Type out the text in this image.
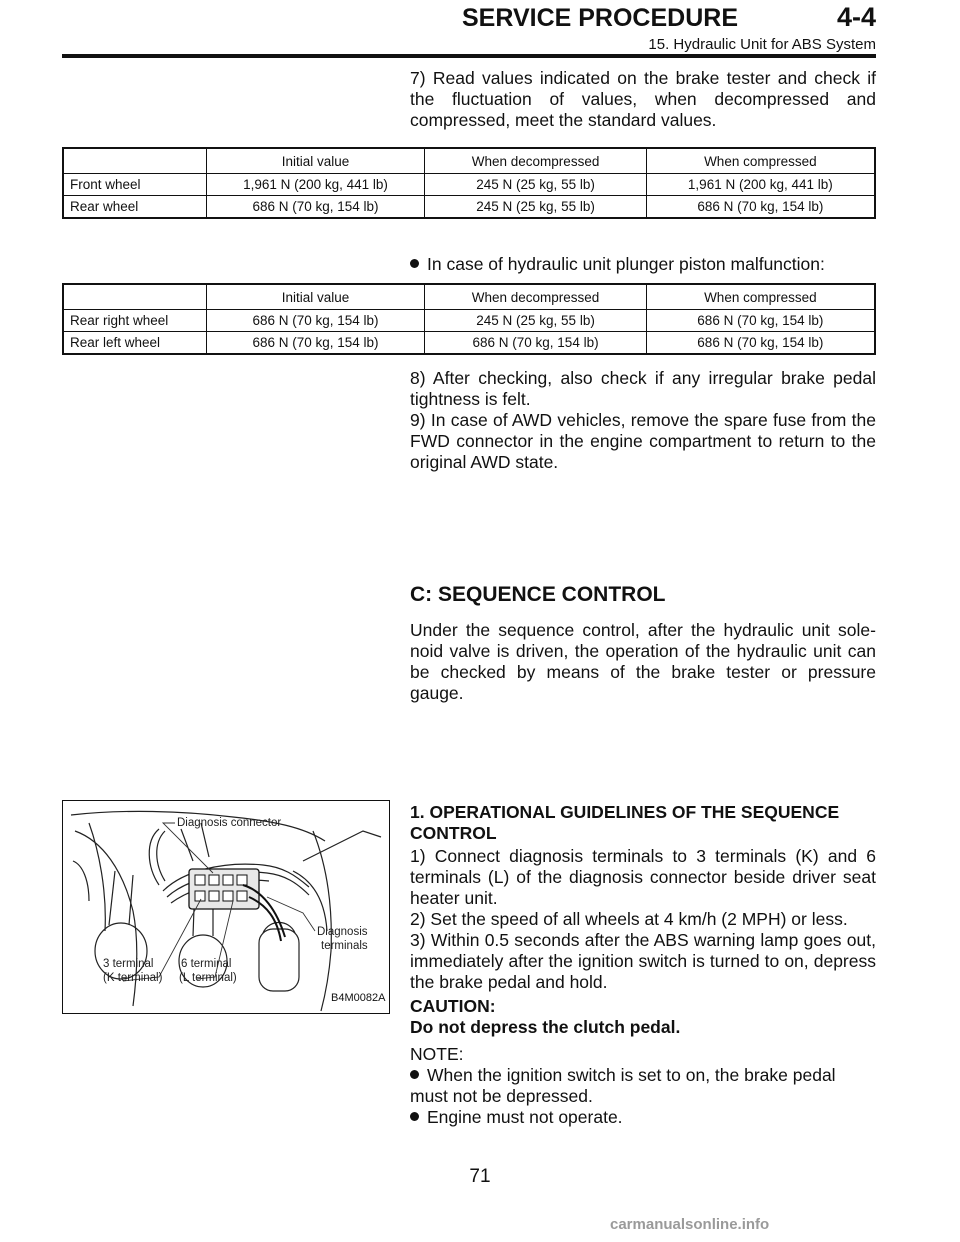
SERVICE PROCEDURE	4-4
15. Hydraulic Unit for ABS System

7) Read values indicated on the brake tester and check if the fluctuation of values, when decompressed and compressed, meet the standard values.

	Initial value	When decompressed	When compressed
Front wheel	1,961 N (200 kg, 441 lb)	245 N (25 kg, 55 lb)	1,961 N (200 kg, 441 lb)
Rear wheel	686 N (70 kg, 154 lb)	245 N (25 kg, 55 lb)	686 N (70 kg, 154 lb)
In case of hydraulic unit plunger piston malfunction:
	Initial value	When decompressed	When compressed
Rear right wheel	686 N (70 kg, 154 lb)	245 N (25 kg, 55 lb)	686 N (70 kg, 154 lb)
Rear left wheel	686 N (70 kg, 154 lb)	686 N (70 kg, 154 lb)	686 N (70 kg, 154 lb)

8) After checking, also check if any irregular brake pedal tightness is felt.

9) In case of AWD vehicles, remove the spare fuse from the FWD connector in the engine compartment to return to the original AWD state.

C: SEQUENCE CONTROL

Under the sequence control, after the hydraulic unit sole-noid valve is driven, the operation of the hydraulic unit can be checked by means of the brake tester or pressure gauge.

Diagnosis connector
Diagnosis
terminals
3 terminal
(K terminal)
6 terminal
(L terminal)
B4M0082A
1. OPERATIONAL GUIDELINES OF THE SEQUENCE CONTROL

1) Connect diagnosis terminals to 3 terminals (K) and 6 terminals (L) of the diagnosis connector beside driver seat heater unit.

2) Set the speed of all wheels at 4 km/h (2 MPH) or less.

3) Within 0.5 seconds after the ABS warning lamp goes out, immediately after the ignition switch is turned to on, depress the brake pedal and hold.

CAUTION:
Do not depress the clutch pedal.
NOTE:
When the ignition switch is set to on, the brake pedal must not be depressed.
Engine must not operate.
71
carmanualsonline.info
